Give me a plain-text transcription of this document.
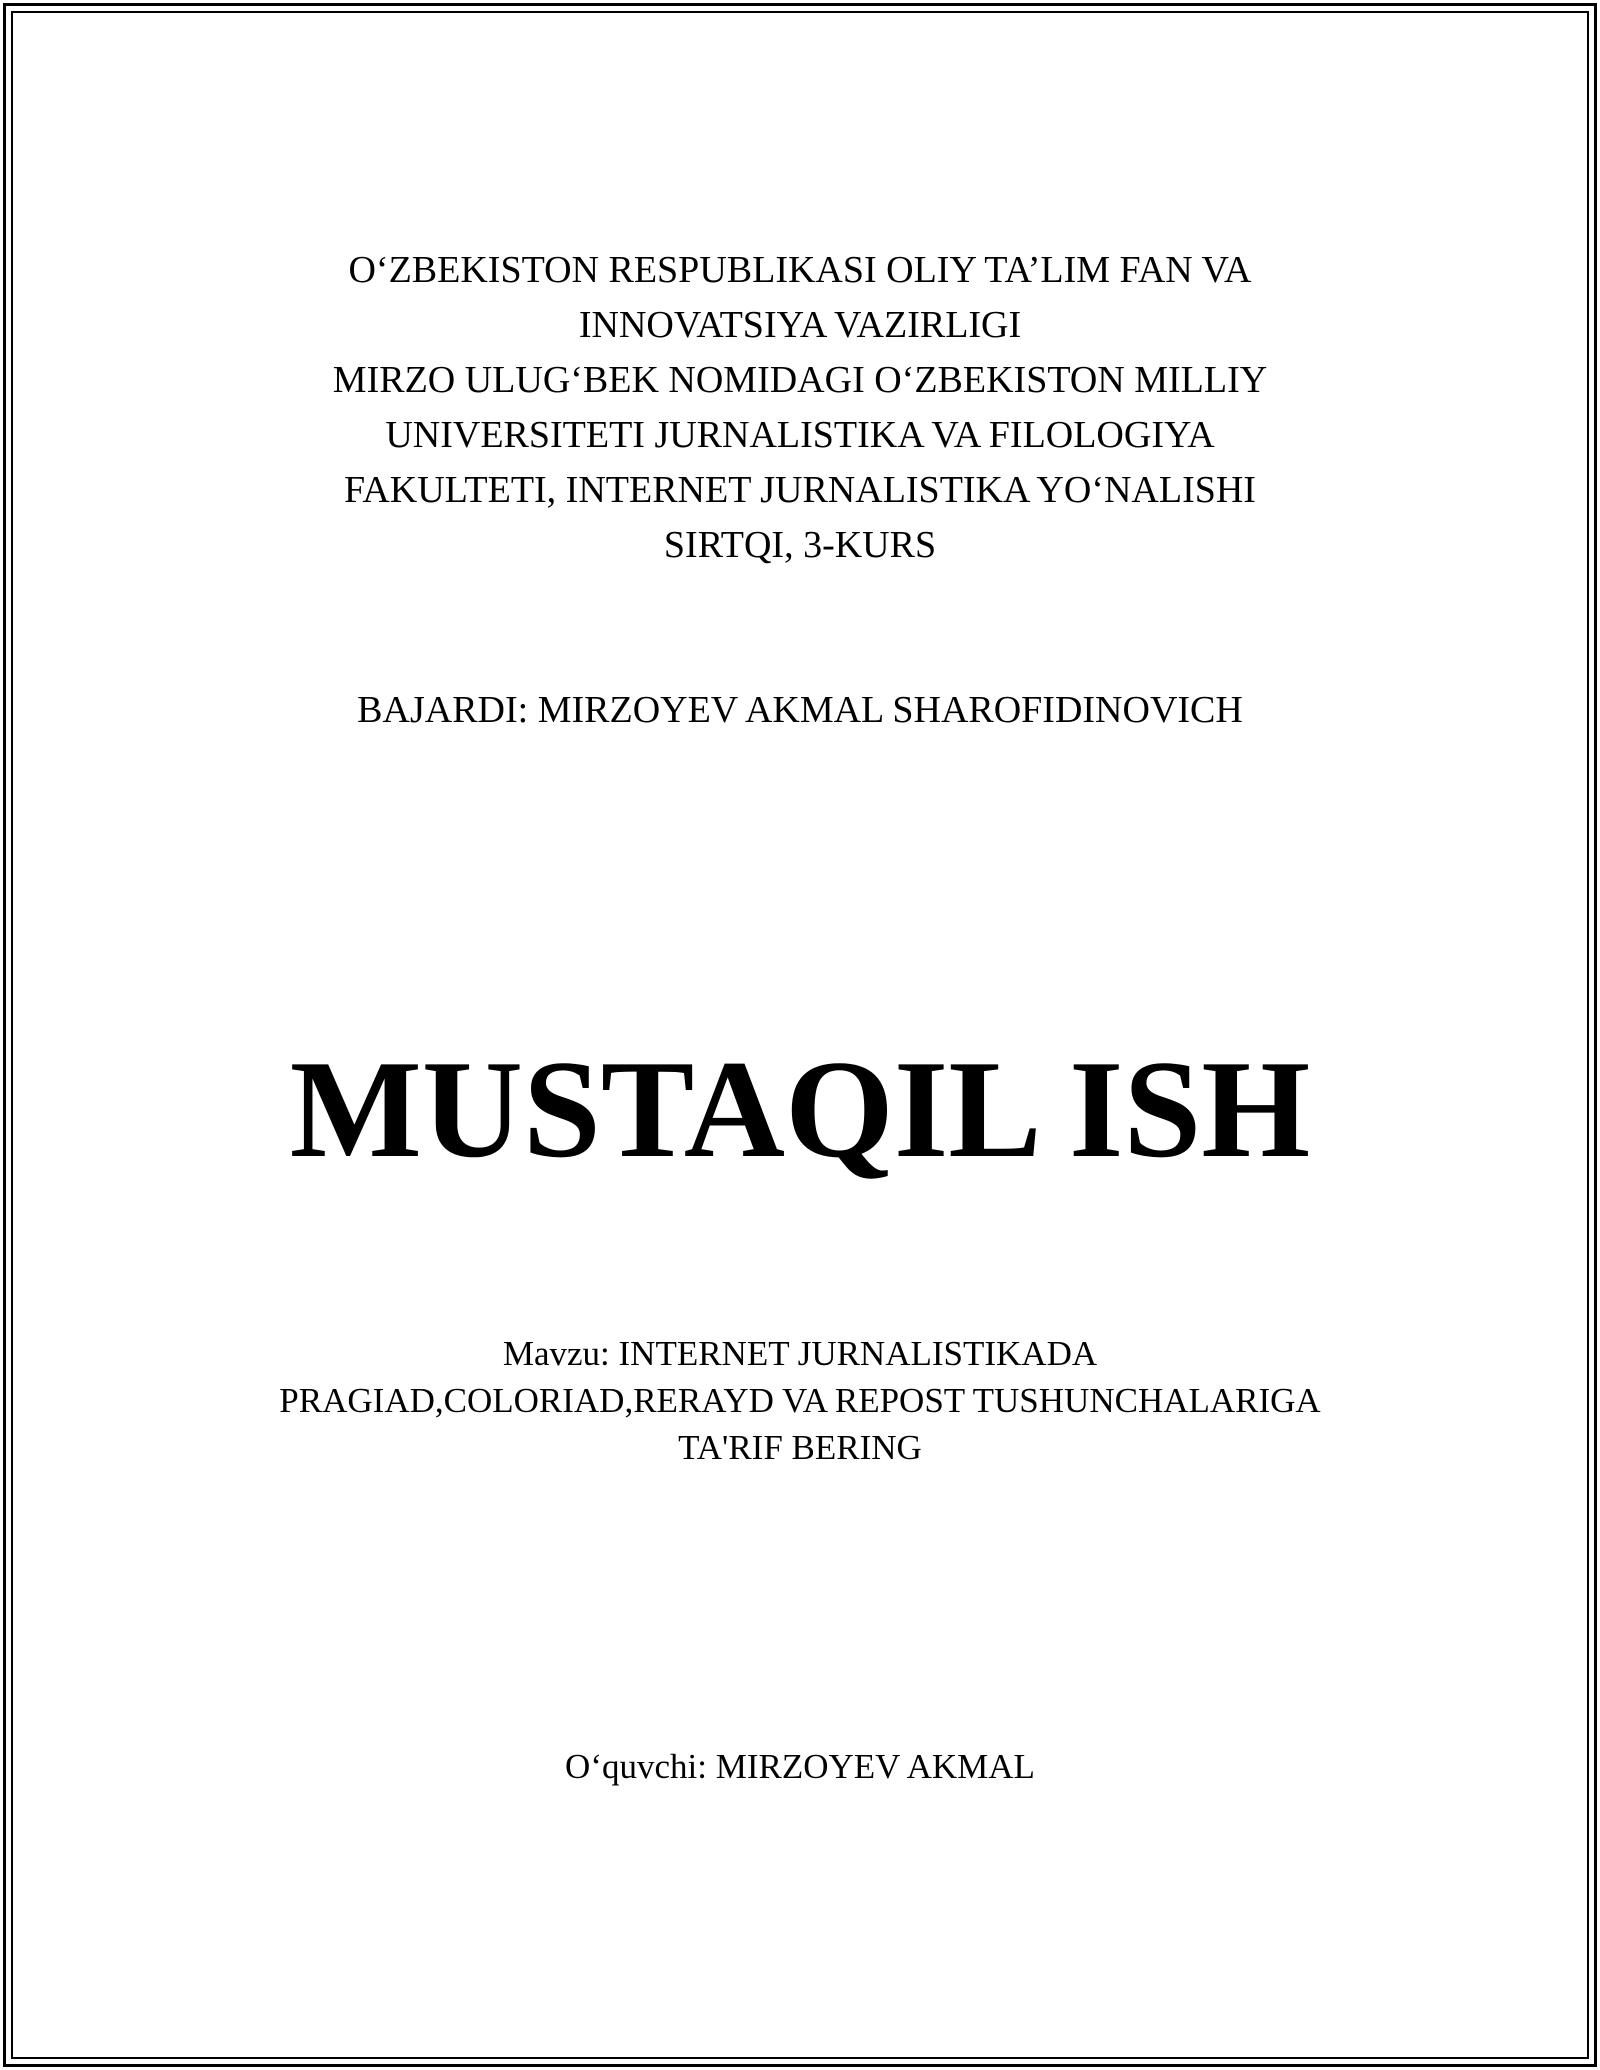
O‘ZBEKISTON RESPUBLIKASI OLIY TA’LIM FAN VA
INNOVATSIYA VAZIRLIGI
MIRZO ULUG‘BEK NOMIDAGI O‘ZBEKISTON MILLIY
UNIVERSITETI JURNALISTIKA VA FILOLOGIYA
FAKULTETI, INTERNET JURNALISTIKA YO‘NALISHI
SIRTQI, 3-KURS
BAJARDI: MIRZOYEV AKMAL SHAROFIDINOVICH
MUSTAQIL ISH
Mavzu: INTERNET JURNALISTIKADA
PRAGIAD,COLORIAD,RERAYD VA REPOST TUSHUNCHALARIGA
TA'RIF BERING
O‘quvchi: MIRZOYEV AKMAL
